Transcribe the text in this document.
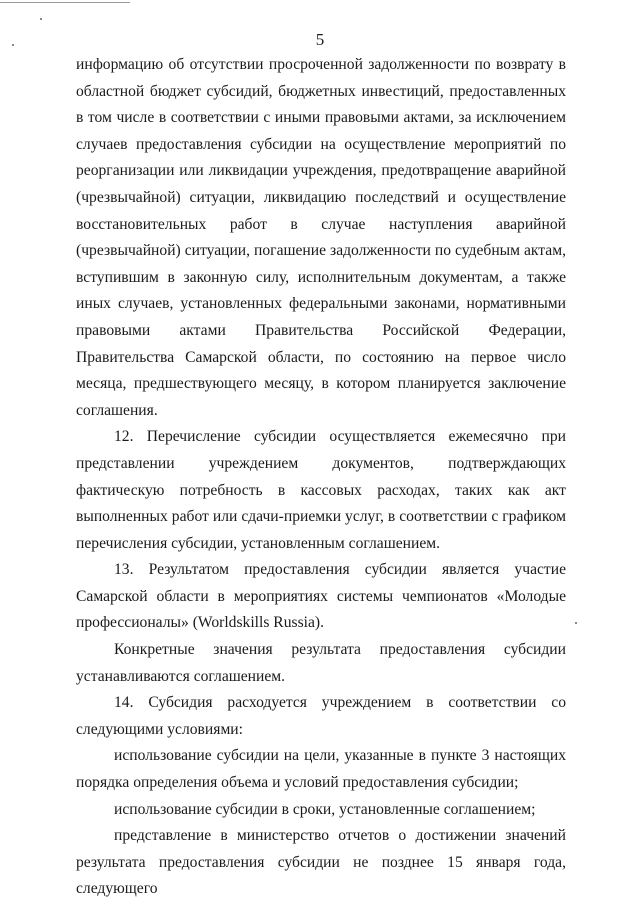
5

информацию об отсутствии просроченной задолженности по возврату в областной бюджет субсидий, бюджетных инвестиций, предоставленных в том числе в соответствии с иными правовыми актами, за исключением случаев предоставления субсидии на осуществление мероприятий по реорганизации или ликвидации учреждения, предотвращение аварийной (чрезвычайной) ситуации, ликвидацию последствий и осуществление восстановительных работ в случае наступления аварийной (чрезвычайной) ситуации, погашение задолженности по судебным актам, вступившим в законную силу, исполнительным документам, а также иных случаев, установленных федеральными законами, нормативными правовыми актами Правительства Российской Федерации, Правительства Самарской области, по состоянию на первое число месяца, предшествующего месяцу, в котором планируется заключение соглашения.

12. Перечисление субсидии осуществляется ежемесячно при представлении учреждением документов, подтверждающих фактическую потребность в кассовых расходах, таких как акт выполненных работ или сдачи-приемки услуг, в соответствии с графиком перечисления субсидии, установленным соглашением.

13. Результатом предоставления субсидии является участие Самарской области в мероприятиях системы чемпионатов «Молодые профессионалы» (Worldskills Russia).

Конкретные значения результата предоставления субсидии устанавливаются соглашением.

14. Субсидия расходуется учреждением в соответствии со следующими условиями:

использование субсидии на цели, указанные в пункте 3 настоящих порядка определения объема и условий предоставления субсидии;

использование субсидии в сроки, установленные соглашением;

представление в министерство отчетов о достижении значений результата предоставления субсидии не позднее 15 января года, следующего
